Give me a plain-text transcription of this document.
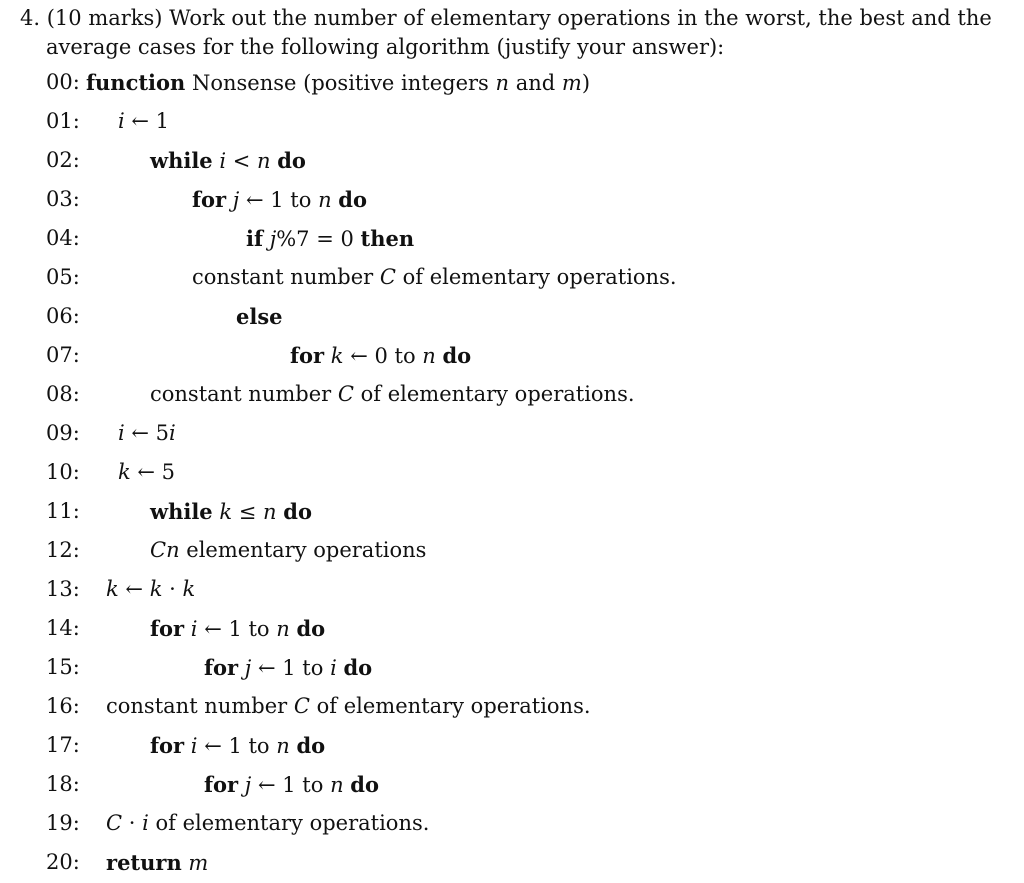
4. (10 marks) Work out the number of elementary operations in the worst, the best and the
average cases for the following algorithm (justify your answer):
00: function Nonsense (positive integers n and m)
01:	i ← 1
02:	while i < n do
03:	for j ← 1 to n do
04:	if j%7 = 0 then
05:	constant number C of elementary operations.
06:	else
07:	for k ← 0 to n do
08:	constant number C of elementary operations.
09:	i ← 5i
10:	k ← 5
11:	while k ≤ n do
12:	Cn elementary operations
13:	k ← k · k
14:	for i ← 1 to n do
15:	for j ← 1 to i do
16:	constant number C of elementary operations.
17:	for i ← 1 to n do
18:	for j ← 1 to n do
19:	C · i of elementary operations.
20:	return m
